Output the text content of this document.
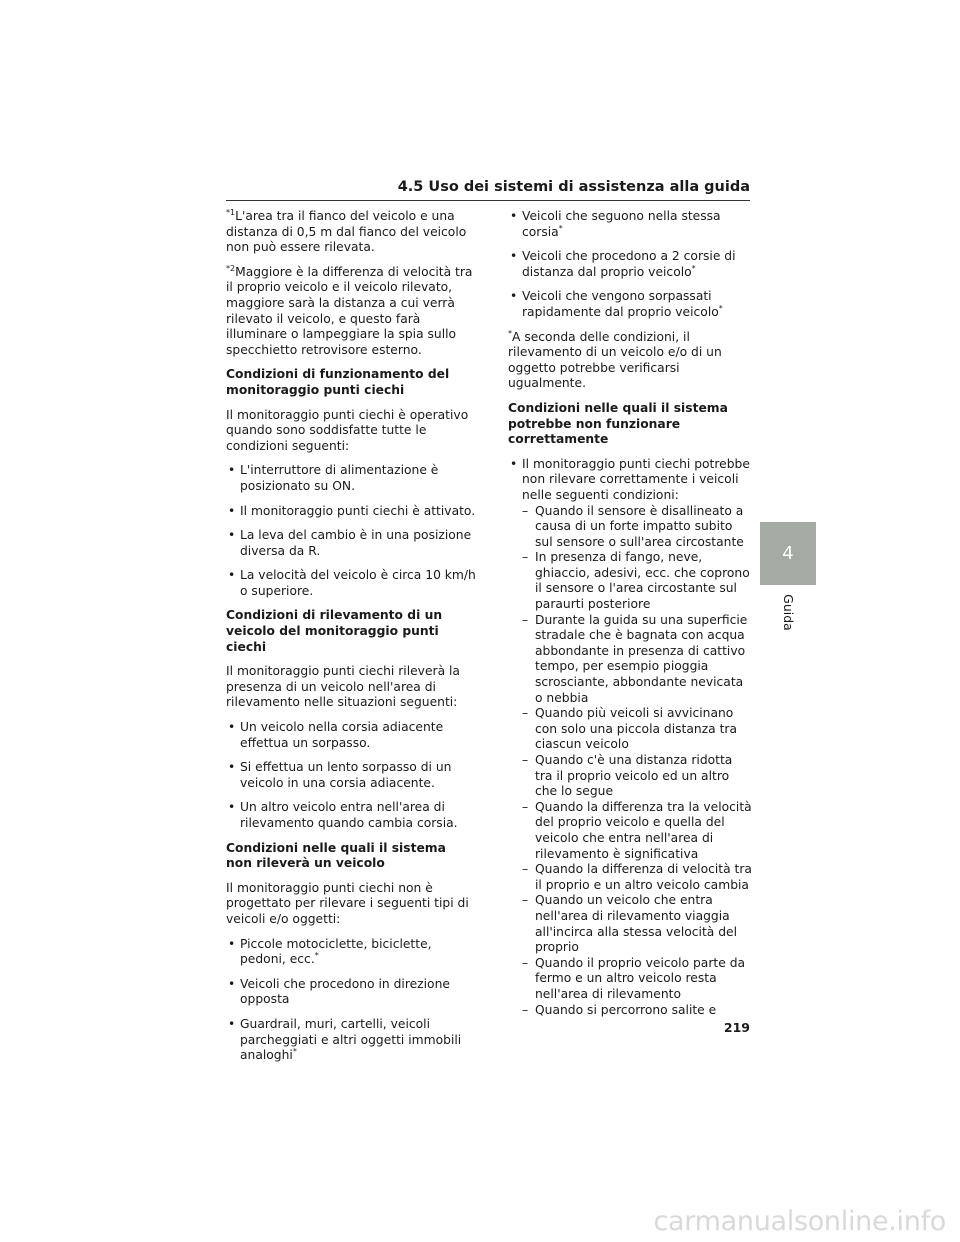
4.5 Uso dei sistemi di assistenza alla guida

$^{*1}$L'area tra il fianco del veicolo e una distanza di 0,5 m dal fianco del veicolo non può essere rilevata.

$^{*2}$Maggiore è la differenza di velocità tra il proprio veicolo e il veicolo rilevato, maggiore sarà la distanza a cui verrà rilevato il veicolo, e questo farà illuminare o lampeggiare la spia sullo specchietto retrovisore esterno.

Condizioni di funzionamento del monitoraggio punti ciechi

Il monitoraggio punti ciechi è operativo quando sono soddisfatte tutte le condizioni seguenti:

• L'interruttore di alimentazione è posizionato su ON.
• Il monitoraggio punti ciechi è attivato.
• La leva del cambio è in una posizione diversa da R.
• La velocità del veicolo è circa 10 km/h o superiore.

Condizioni di rilevamento di un veicolo del monitoraggio punti ciechi

Il monitoraggio punti ciechi rileverà la presenza di un veicolo nell'area di rilevamento nelle situazioni seguenti:

• Un veicolo nella corsia adiacente effettua un sorpasso.
• Si effettua un lento sorpasso di un veicolo in una corsia adiacente.
• Un altro veicolo entra nell'area di rilevamento quando cambia corsia.

Condizioni nelle quali il sistema non rileverà un veicolo

Il monitoraggio punti ciechi non è progettato per rilevare i seguenti tipi di veicoli e/o oggetti:

• Piccole motociclette, biciclette, pedoni, ecc.*
• Veicoli che procedono in direzione opposta
• Guardrail, muri, cartelli, veicoli parcheggiati e altri oggetti immobili analoghi*
• Veicoli che seguono nella stessa corsia*
• Veicoli che procedono a 2 corsie di distanza dal proprio veicolo*
• Veicoli che vengono sorpassati rapidamente dal proprio veicolo*

*A seconda delle condizioni, il rilevamento di un veicolo e/o di un oggetto potrebbe verificarsi ugualmente.

Condizioni nelle quali il sistema potrebbe non funzionare correttamente

• Il monitoraggio punti ciechi potrebbe non rilevare correttamente i veicoli nelle seguenti condizioni:
– Quando il sensore è disallineato a causa di un forte impatto subito sul sensore o sull'area circostante
– In presenza di fango, neve, ghiaccio, adesivi, ecc. che coprono il sensore o l'area circostante sul paraurti posteriore
– Durante la guida su una superficie stradale che è bagnata con acqua abbondante in presenza di cattivo tempo, per esempio pioggia scrosciante, abbondante nevicata o nebbia
– Quando più veicoli si avvicinano con solo una piccola distanza tra ciascun veicolo
– Quando c'è una distanza ridotta tra il proprio veicolo ed un altro che lo segue
– Quando la differenza tra la velocità del proprio veicolo e quella del veicolo che entra nell'area di rilevamento è significativa
– Quando la differenza di velocità tra il proprio e un altro veicolo cambia
– Quando un veicolo che entra nell'area di rilevamento viaggia all'incirca alla stessa velocità del proprio
– Quando il proprio veicolo parte da fermo e un altro veicolo resta nell'area di rilevamento
– Quando si percorrono salite e
4
Guida
219
carmanualsonline.info
